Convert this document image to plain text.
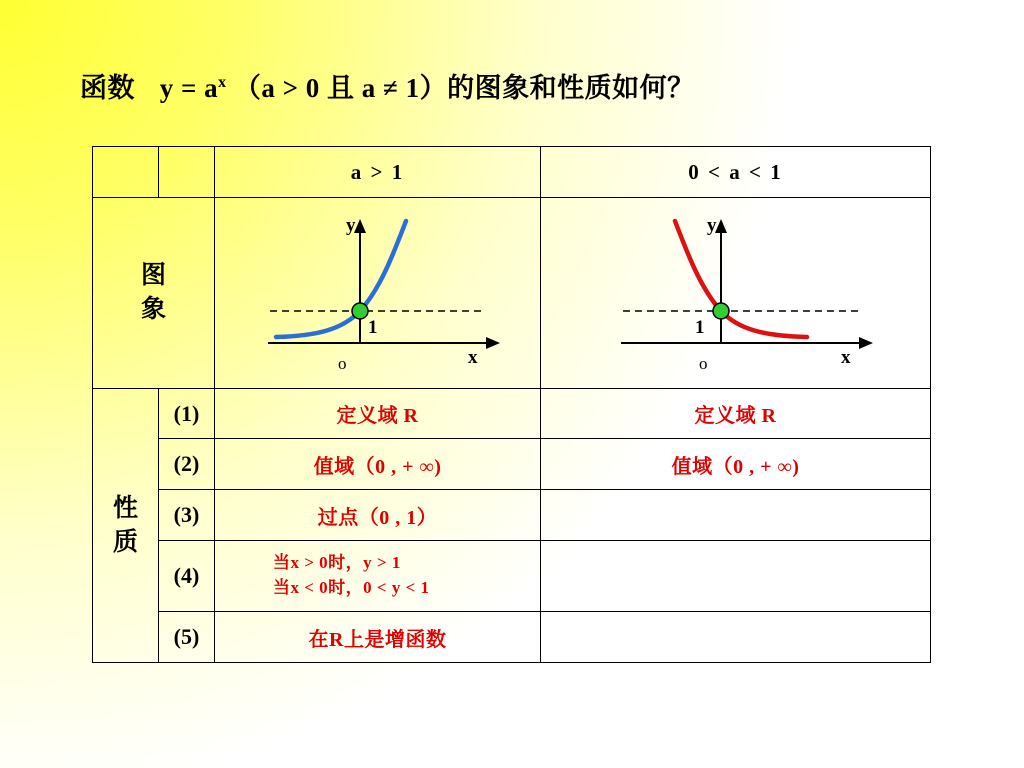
函数 $y = a^x$ （a > 0 且 a ≠ 1）的图象和性质如何？
		a > 1	0 < a < 1

图
象

y
x
o
1

y
x
o
1

性
质	(1)	定义域 R	定义域 R
	(2)	值域（0 , + ∞)	值域（0 , + ∞)
	(3)	过点（0 , 1）	
	(4)	当x > 0时，y > 1
当x < 0时，0 < y < 1	

	(5)	在R上是增函数	
